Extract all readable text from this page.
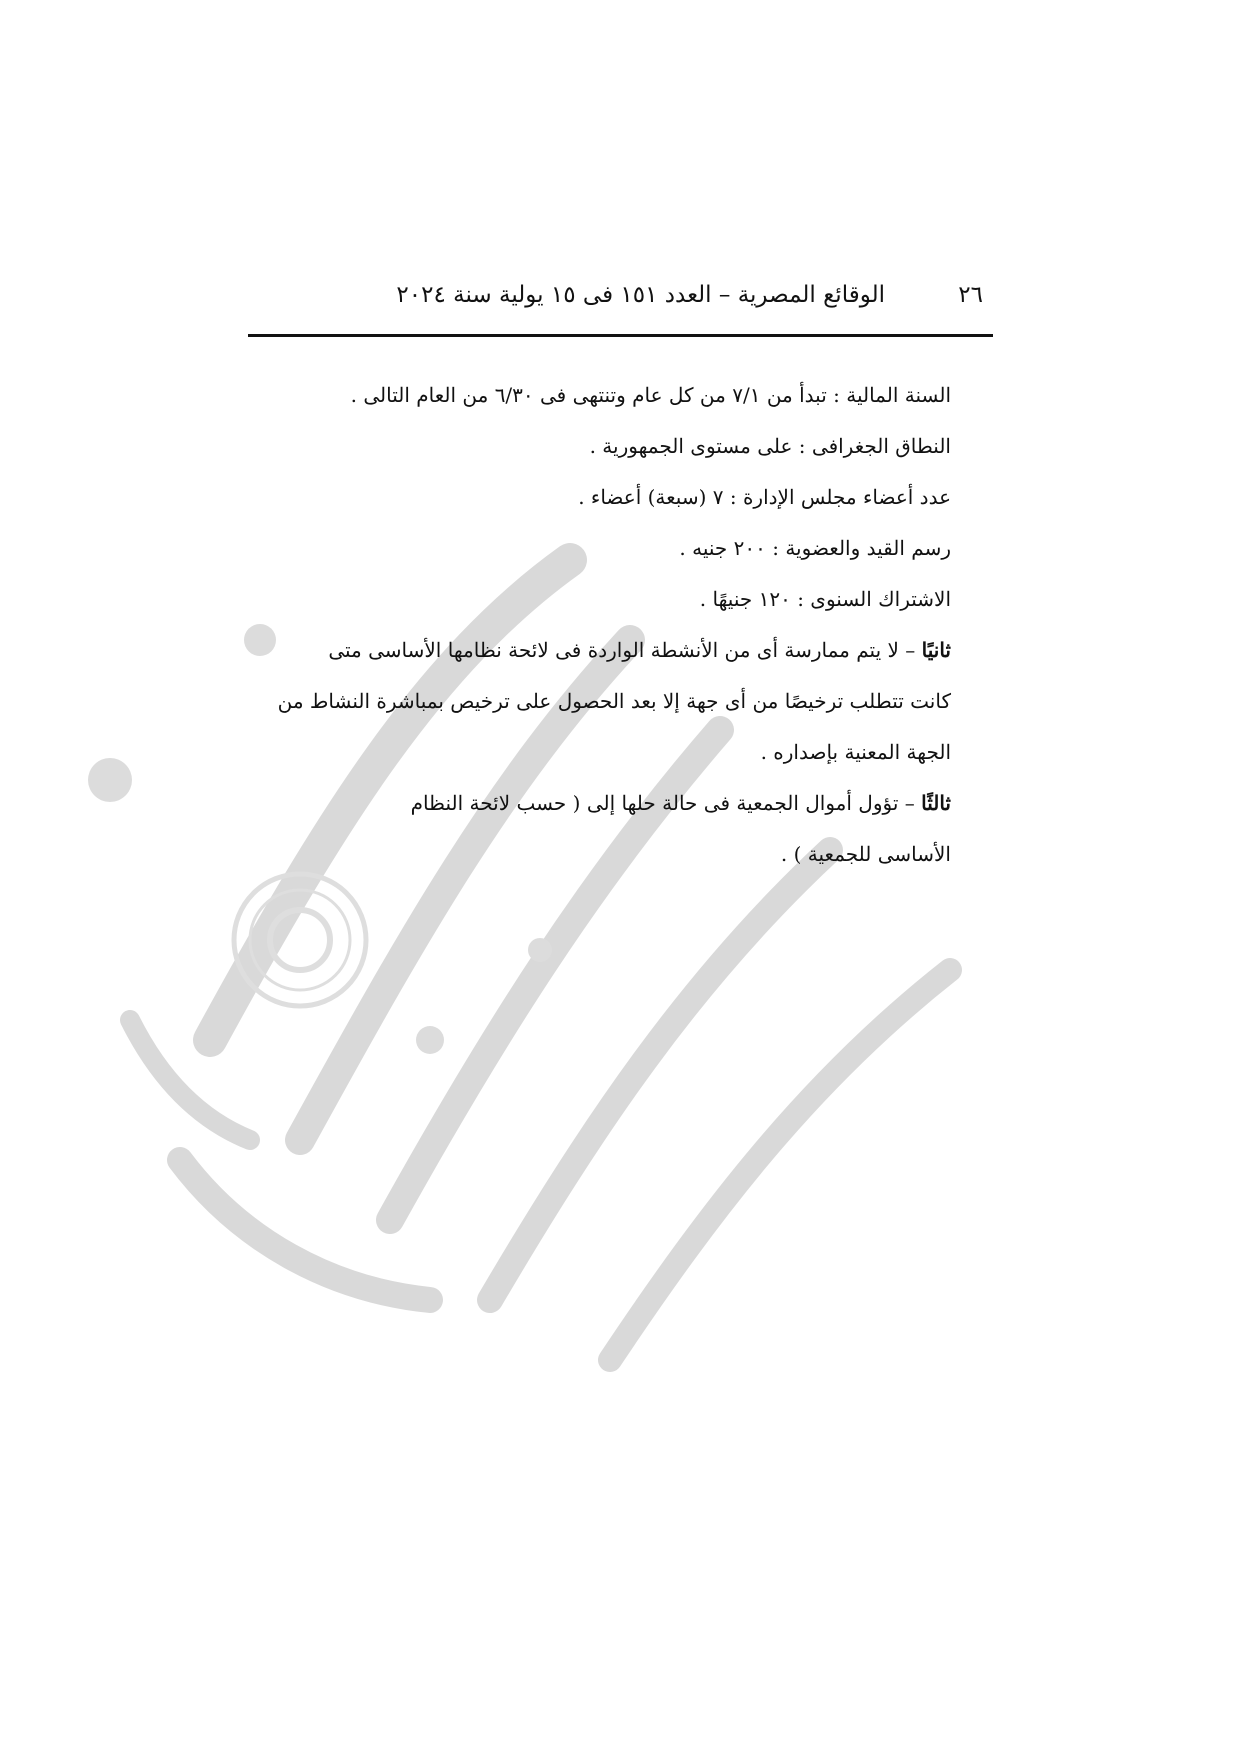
الوقائع المصرية – العدد ١٥١ فى ١٥ يولية سنة ٢٠٢٤	٢٦

السنة المالية : تبدأ من ٧/١ من كل عام وتنتهى فى ٦/٣٠ من العام التالى .

النطاق الجغرافى : على مستوى الجمهورية .

عدد أعضاء مجلس الإدارة : ٧ (سبعة) أعضاء .

رسم القيد والعضوية : ٢٠٠ جنيه .

الاشتراك السنوى : ١٢٠ جنيهًا .

ثانيًا – لا يتم ممارسة أى من الأنشطة الواردة فى لائحة نظامها الأساسى متى

كانت تتطلب ترخيصًا من أى جهة إلا بعد الحصول على ترخيص بمباشرة النشاط من

الجهة المعنية بإصداره .

ثالثًا – تؤول أموال الجمعية فى حالة حلها إلى ( حسب لائحة النظام

الأساسى للجمعية ) .
